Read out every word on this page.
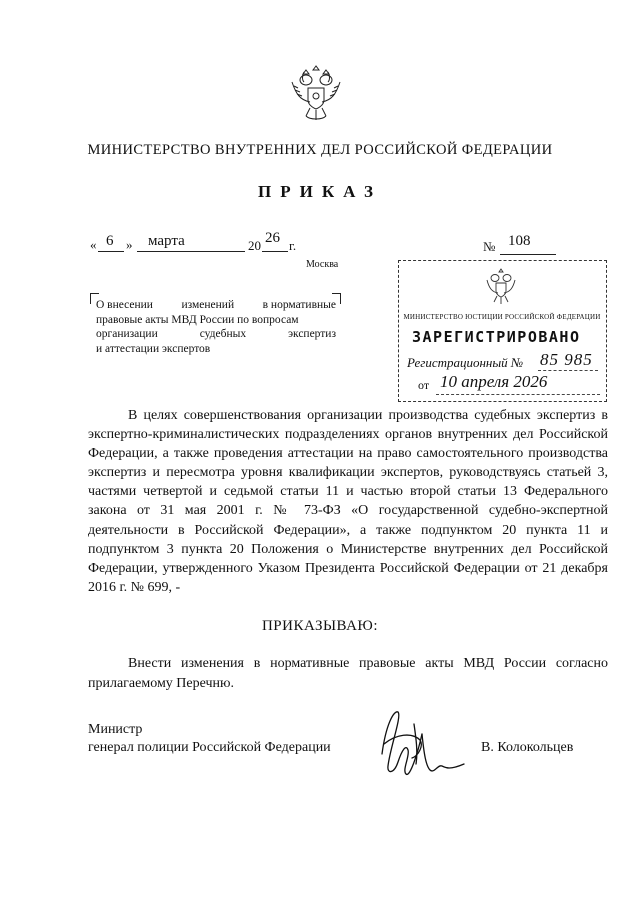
МИНИСТЕРСТВО ВНУТРЕННИХ ДЕЛ РОССИЙСКОЙ ФЕДЕРАЦИИ
ПРИКАЗ
« 6 » марта	20 26 г.	№ 108
Москва
О внесении изменений в нормативные
правовые акты МВД России по вопросам
организации	судебных	экспертиз
и аттестации экспертов
МИНИСТЕРСТВО ЮСТИЦИИ РОССИЙСКОЙ ФЕДЕРАЦИИ
ЗАРЕГИСТРИРОВАНО
Регистрационный № 85 985
от 10 апреля 2026

В целях совершенствования организации производства судебных экспертиз в экспертно-криминалистических подразделениях органов внутренних дел Российской Федерации, а также проведения аттестации на право самостоятельного производства экспертиз и пересмотра уровня квалификации экспертов, руководствуясь статьей 3, частями четвертой и седьмой статьи 11 и частью второй статьи 13 Федерального закона от 31 мая 2001 г. № 73-ФЗ «О государственной судебно-экспертной деятельности в Российской Федерации», а также подпунктом 20 пункта 11 и подпунктом 3 пункта 20 Положения о Министерстве внутренних дел Российской Федерации, утвержденного Указом Президента Российской Федерации от 21 декабря 2016 г. № 699, -

ПРИКАЗЫВАЮ:

Внести изменения в нормативные правовые акты МВД России согласно прилагаемому Перечню.

Министр
генерал полиции Российской Федерации	В. Колокольцев
